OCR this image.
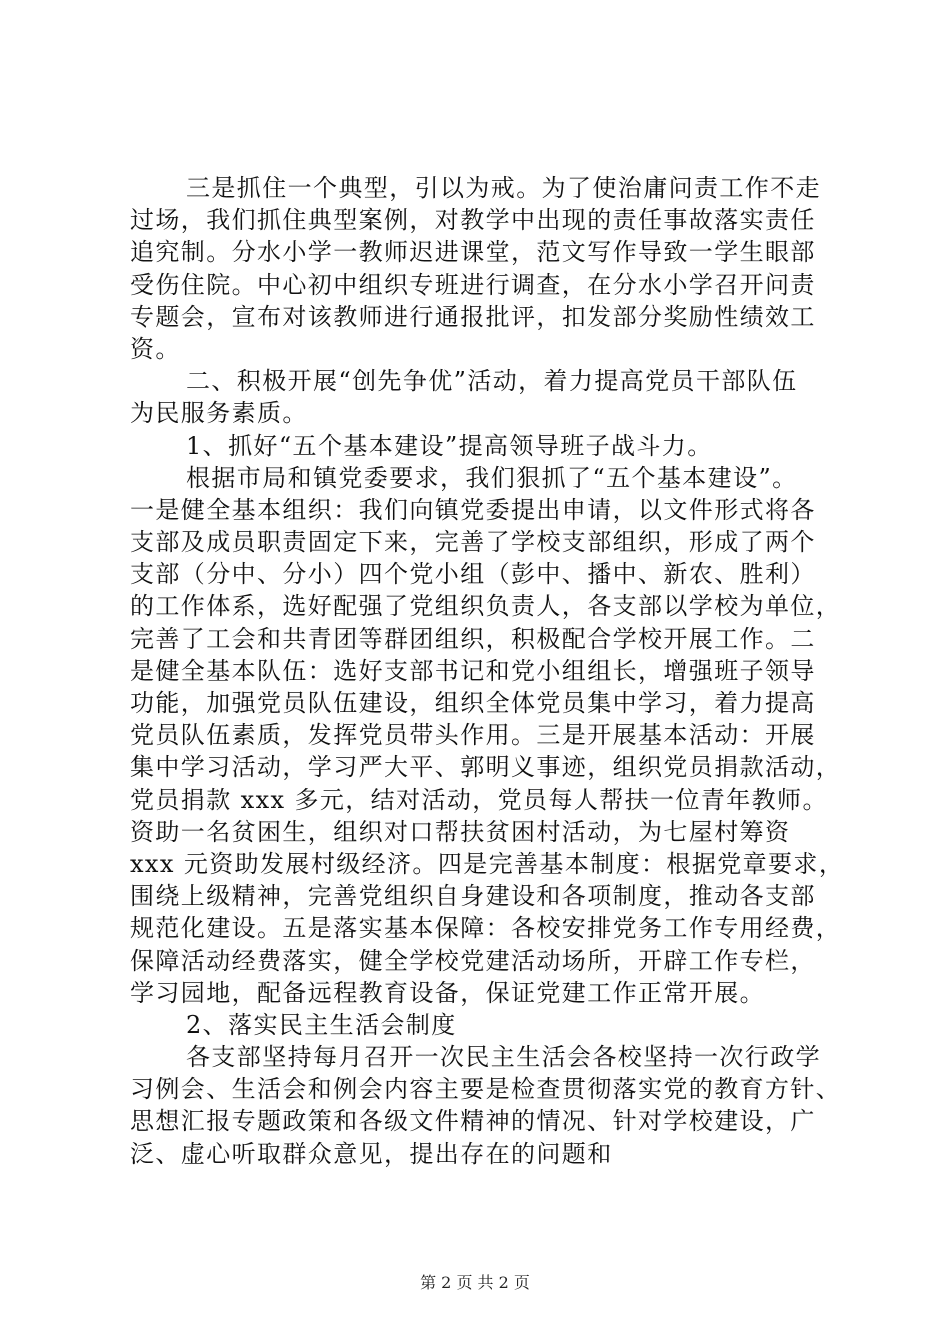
三是抓住一个典型，引以为戒。为了使治庸问责工作不走
过场，我们抓住典型案例，对教学中出现的责任事故落实责任
追究制。分水小学一教师迟进课堂，范文写作导致一学生眼部
受伤住院。中心初中组织专班进行调查，在分水小学召开问责
专题会，宣布对该教师进行通报批评，扣发部分奖励性绩效工
资。
二、积极开展“创先争优”活动，着力提高党员干部队伍
为民服务素质。
1、抓好“五个基本建设”提高领导班子战斗力。
根据市局和镇党委要求，我们狠抓了“五个基本建设”。
一是健全基本组织：我们向镇党委提出申请，以文件形式将各
支部及成员职责固定下来，完善了学校支部组织，形成了两个
支部（分中、分小）四个党小组（彭中、播中、新农、胜利）
的工作体系，选好配强了党组织负责人，各支部以学校为单位，
完善了工会和共青团等群团组织，积极配合学校开展工作。二
是健全基本队伍：选好支部书记和党小组组长，增强班子领导
功能，加强党员队伍建设，组织全体党员集中学习，着力提高
党员队伍素质，发挥党员带头作用。三是开展基本活动：开展
集中学习活动，学习严大平、郭明义事迹，组织党员捐款活动，
党员捐款 xxx 多元，结对活动，党员每人帮扶一位青年教师。
资助一名贫困生，组织对口帮扶贫困村活动，为七屋村筹资
xxx 元资助发展村级经济。四是完善基本制度：根据党章要求，
围绕上级精神，完善党组织自身建设和各项制度，推动各支部
规范化建设。五是落实基本保障：各校安排党务工作专用经费，
保障活动经费落实，健全学校党建活动场所，开辟工作专栏，
学习园地，配备远程教育设备，保证党建工作正常开展。
2、落实民主生活会制度
各支部坚持每月召开一次民主生活会各校坚持一次行政学
习例会、生活会和例会内容主要是检查贯彻落实党的教育方针、
思想汇报专题政策和各级文件精神的情况、针对学校建设，广
泛、虚心听取群众意见，提出存在的问题和
第 2 页 共 2 页
